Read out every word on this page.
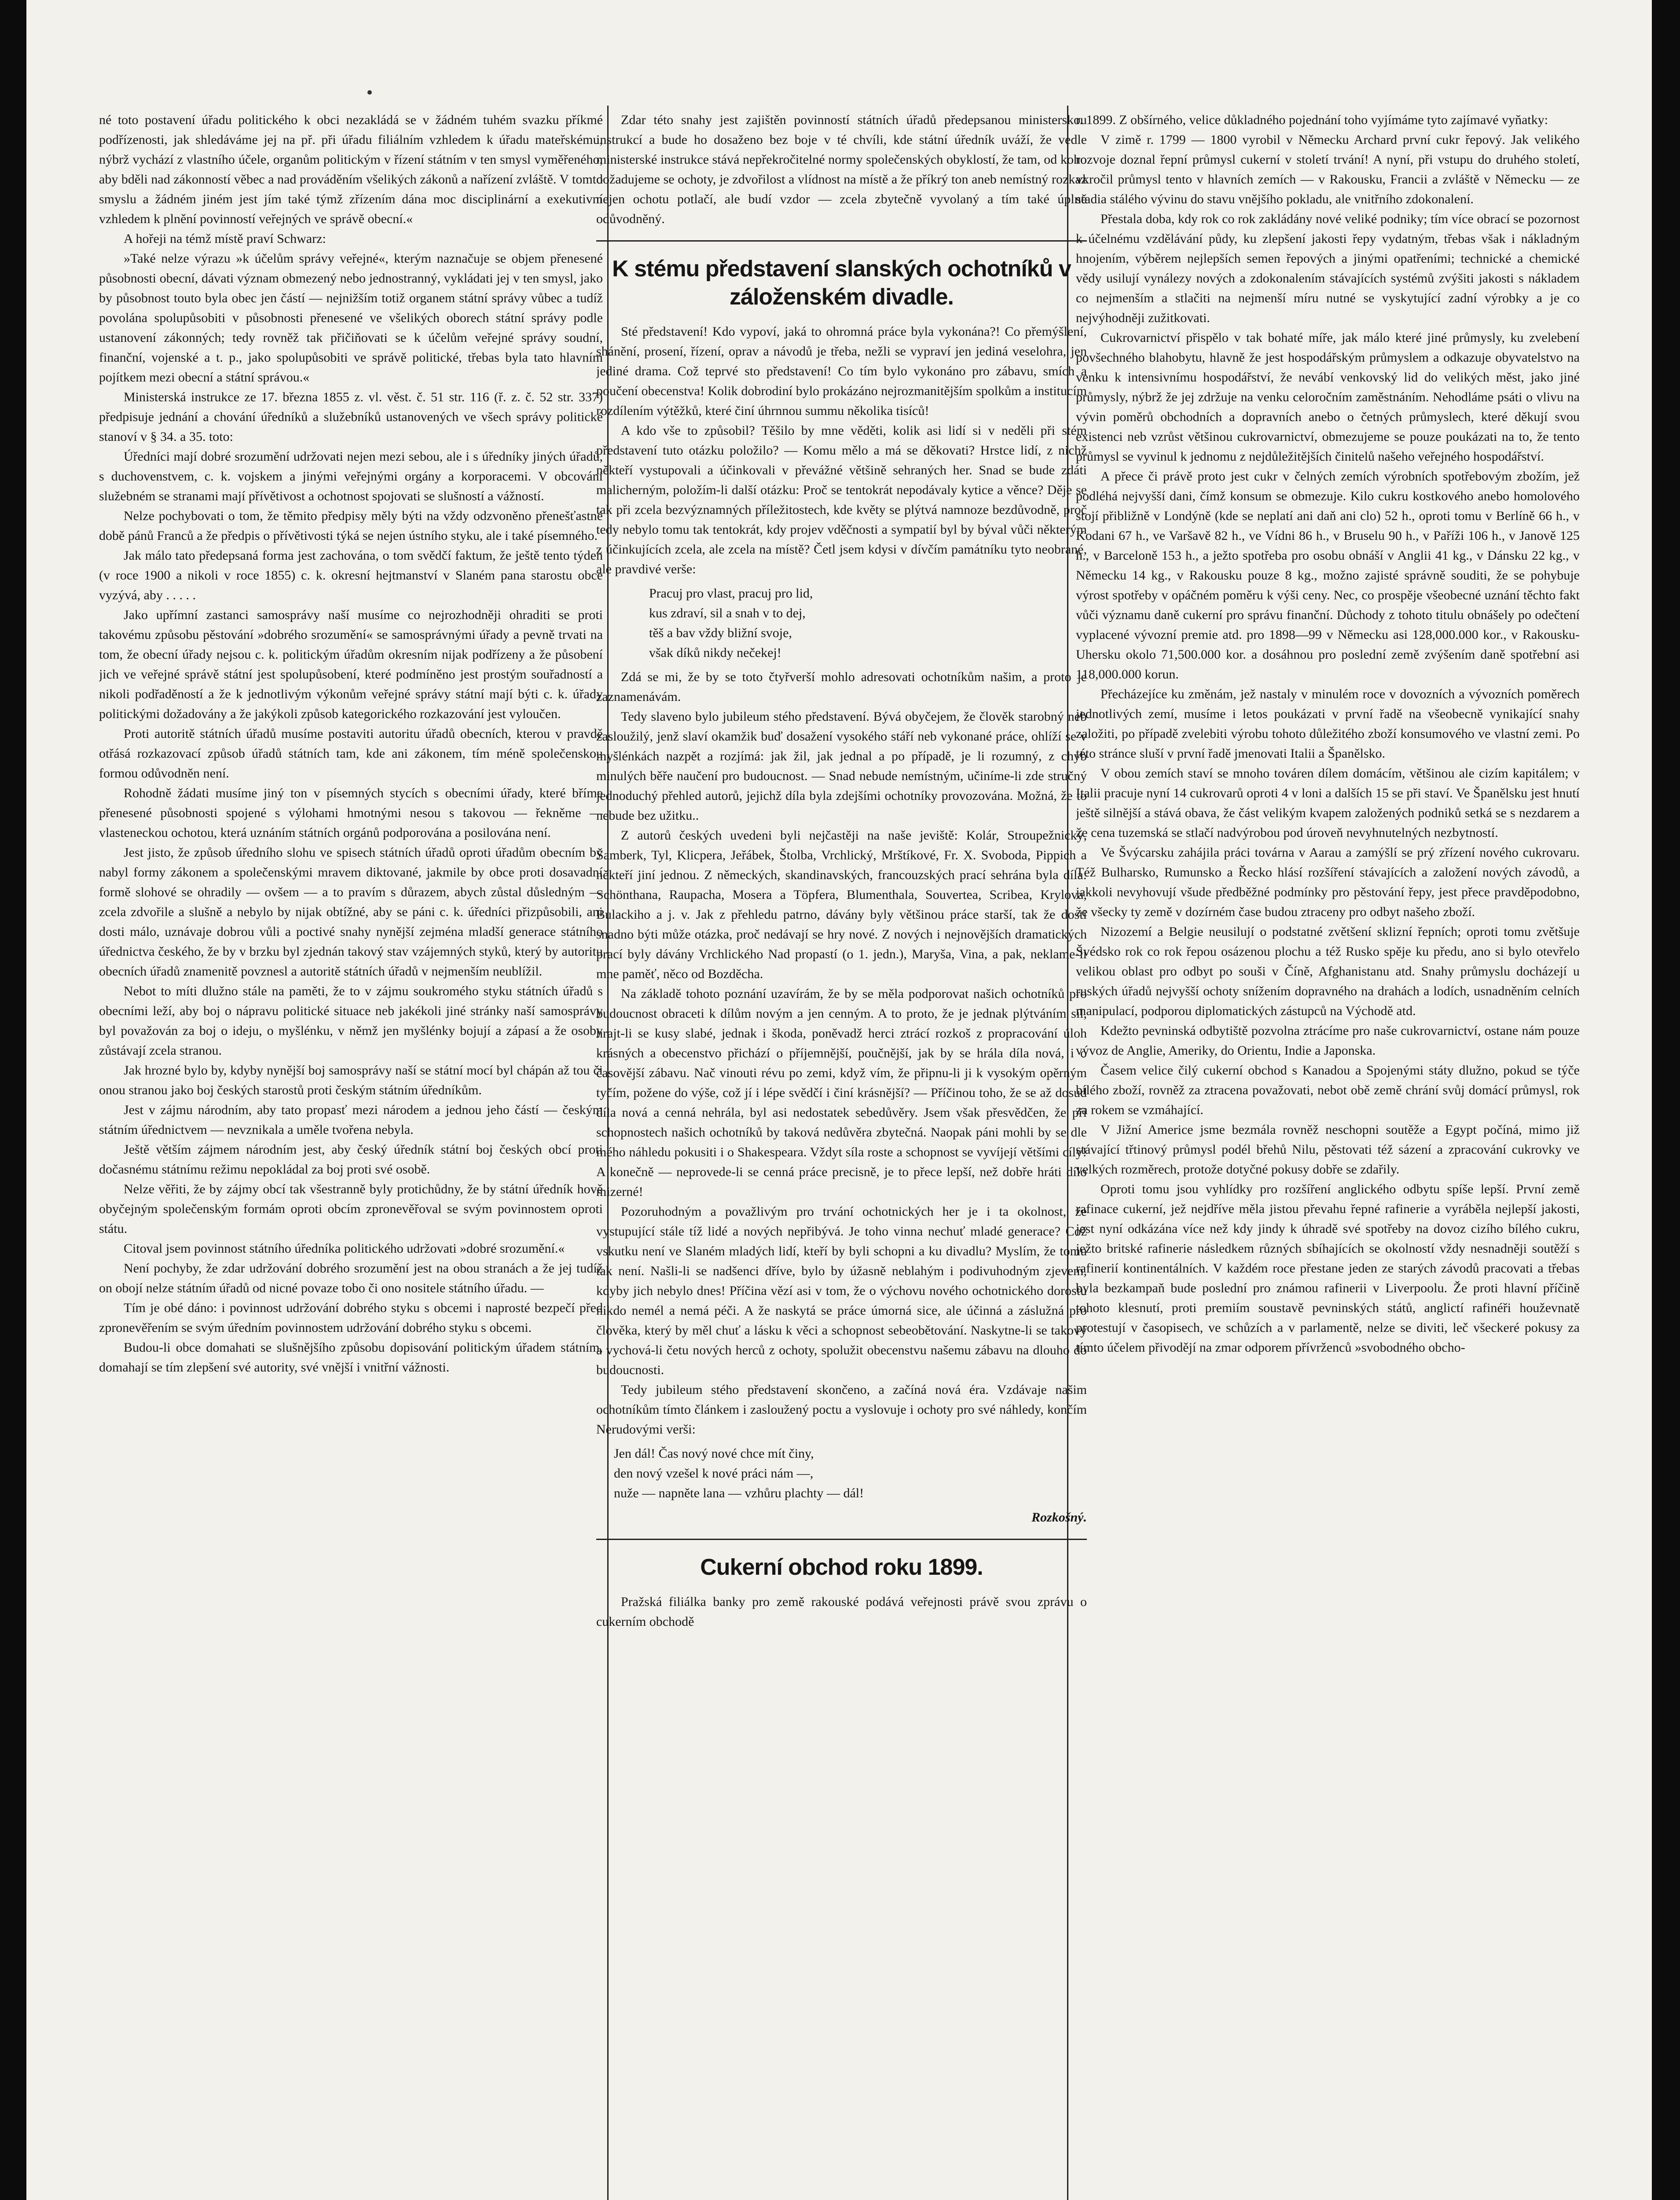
né toto postavení úřadu politického k obci nezakládá se v žádném tuhém svazku příkmé podřízenosti, jak shledáváme jej na př. při úřadu filiálním vzhledem k úřadu mateřskému, nýbrž vychází z vlastního účele, organům politickým v řízení státním v ten smysl vyměřeného, aby bděli nad zákonností věbec a nad prováděním všelikých zákonů a nařízení zvláště. V tomto smyslu a žádném jiném jest jím také týmž zřízením dána moc disciplinární a exekutivní vzhledem k plnění povinností veřejných ve správě obecní.«

A hořeji na témž místě praví Schwarz:

»Také nelze výrazu »k účelům správy veřejné«, kterým naznačuje se objem přenesené působnosti obecní, dávati význam obmezený nebo jednostranný, vykládati jej v ten smysl, jako by působnost touto byla obec jen částí — nejnižším totiž organem státní správy vůbec a tudíž povolána spolupůsobiti v působnosti přenesené ve všelikých oborech státní správy podle ustanovení zákonných; tedy rovněž tak přičiňovati se k účelům veřejné správy soudní, finanční, vojenské a t. p., jako spolupůsobiti ve správě politické, třebas byla tato hlavním pojítkem mezi obecní a státní správou.«

Ministerská instrukce ze 17. března 1855 z. vl. věst. č. 51 str. 116 (ř. z. č. 52 str. 337) předpisuje jednání a chování úředníků a služebníků ustanovených ve všech správy politické stanoví v § 34. a 35. toto:

Úředníci mají dobré srozumění udržovati nejen mezi sebou, ale i s úředníky jiných úřadů, s duchovenstvem, c. k. vojskem a jinými veřejnými orgány a korporacemi. V obcování služebném se stranami mají přívětivost a ochotnost spojovati se slušností a vážností.

Nelze pochybovati o tom, že těmito předpisy měly býti na vždy odzvoněno přenešťastné době pánů Franců a že předpis o přívětivosti týká se nejen ústního styku, ale i také písemného.

Jak málo tato předepsaná forma jest zachována, o tom svědčí faktum, že ještě tento týden (v roce 1900 a nikoli v roce 1855) c. k. okresní hejtmanství v Slaném pana starostu obce vyzývá, aby . . . . .

Jako upřímní zastanci samosprávy naší musíme co nejrozhodněji ohraditi se proti takovému způsobu pěstování »dobrého srozumění« se samosprávnými úřady a pevně trvati na tom, že obecní úřady nejsou c. k. politickým úřadům okresním nijak podřízeny a že působení jich ve veřejné správě státní jest spolupůsobení, které podmíněno jest prostým souřadností a nikoli podřaděností a že k jednotlivým výkonům veřejné správy státní mají býti c. k. úřady politickými dožadovány a že jakýkoli způsob kategorického rozkazování jest vyloučen.

Proti autoritě státních úřadů musíme postaviti autoritu úřadů obecních, kterou v pravdě otřásá rozkazovací způsob úřadů státních tam, kde ani zákonem, tím méně společenskou formou odůvodněn není.

Rohodně žádati musíme jiný ton v písemných stycích s obecními úřady, které bříme přenesené působnosti spojené s výlohami hmotnými nesou s takovou — řekněme — vlasteneckou ochotou, která uznáním státních orgánů podporována a posilována není.

Jest jisto, že způsob úředního slohu ve spisech státních úřadů oproti úřadům obecním by nabyl formy zákonem a společenskými mravem diktované, jakmile by obce proti dosavadní formě slohové se ohradily — ovšem — a to pravím s důrazem, abych zůstal důsledným — zcela zdvořile a slušně a nebylo by nijak obtížné, aby se páni c. k. úředníci přizpůsobili, ani dosti málo, uznávaje dobrou vůli a poctivé snahy nynější zejména mladší generace státního úřednictva českého, že by v brzku byl zjednán takový stav vzájemných styků, který by autoritu obecních úřadů znamenitě povznesl a autoritě státních úřadů v nejmenším neublížil.

Nebot to míti dlužno stále na paměti, že to v zájmu soukromého styku státních úřadů s obecními leží, aby boj o nápravu politické situace neb jakékoli jiné stránky naší samosprávy byl považován za boj o ideju, o myšlénku, v němž jen myšlénky bojují a zápasí a že osoby zůstávají zcela stranou.

Jak hrozné bylo by, kdyby nynější boj samosprávy naší se státní mocí byl chápán až tou či onou stranou jako boj českých starostů proti českým státním úředníkům.

Jest v zájmu národním, aby tato propasť mezi národem a jednou jeho částí — českým státním úřednictvem — nevznikala a uměle tvořena nebyla.

Ještě větším zájmem národním jest, aby český úředník státní boj českých obcí proti dočasnému státnímu režimu nepokládal za boj proti své osobě.

Nelze věřiti, že by zájmy obcí tak všestranně byly protichůdny, že by státní úředník hově obyčejným společenským formám oproti obcím zpronevěřoval se svým povinnostem oproti státu.

Citoval jsem povinnost státního úředníka politického udržovati »dobré srozumění.«

Není pochyby, že zdar udržování dobrého srozumění jest na obou stranách a že jej tudíž on obojí nelze státním úřadů od nicné povaze tobo či ono nositele státního úřadu. —

Tím je obé dáno: i povinnost udržování dobrého styku s obcemi i naprosté bezpečí před zpronevěřením se svým úředním povinnostem udržování dobrého styku s obcemi.

Budou-li obce domahati se slušnějšího způsobu dopisování politickým úřadem státním, domahají se tím zlepšení své autority, své vnější i vnitřní vážnosti.

Zdar této snahy jest zajištěn povinností státních úřadů předepsanou ministerskou instrukcí a bude ho dosaženo bez boje v té chvíli, kde státní úředník uváží, že vedle ministerské instrukce stává nepřekročitelné normy společenských obyklostí, že tam, od koho dožadujeme se ochoty, je zdvořilost a vlídnost na místě a že příkrý ton aneb nemístný rozkaz nejen ochotu potlačí, ale budí vzdor — zcela zbytečně vyvolaný a tím také úplně odůvodněný.

K stému představení slanských ochotníků v záloženském divadle.

Sté představení! Kdo vypoví, jaká to ohromná práce byla vykonána?! Co přemýšlení, shánění, prosení, řízení, oprav a návodů je třeba, nežli se vypraví jen jediná veselohra, jen jediné drama. Což teprvé sto představení! Co tím bylo vykonáno pro zábavu, smích a poučení obecenstva! Kolik dobrodiní bylo prokázáno nejrozmanitějším spolkům a institucím rozdílením výtěžků, které činí úhrnnou summu několika tisíců!

A kdo vše to způsobil? Těšilo by mne věděti, kolik asi lidí si v neděli při stém představení tuto otázku položilo? — Komu mělo a má se děkovati? Hrstce lidí, z nichž někteří vystupovali a účinkovali v převážné většině sehraných her. Snad se bude zdáti malicherným, položím-li další otázku: Proč se tentokrát nepodávaly kytice a věnce? Děje se tak při zcela bezvýznamných příležitostech, kde květy se plýtvá namnoze bezdůvodně, proč tedy nebylo tomu tak tentokrát, kdy projev vděčnosti a sympatií byl by býval vůči některým z účinkujících zcela, ale zcela na místě? Četl jsem kdysi v dívčím památníku tyto neobrané, ale pravdivé verše:

Pracuj pro vlast, pracuj pro lid,
kus zdraví, sil a snah v to dej,
těš a bav vždy bližní svoje,
však díků nikdy nečekej!

Zdá se mi, že by se toto čtyřverší mohlo adresovati ochotníkům našim, a proto je zaznamenávám.

Tedy slaveno bylo jubileum stého představení. Bývá obyčejem, že člověk starobný neb zasloužilý, jenž slaví okamžik buď dosažení vysokého stáří neb vykonané práce, ohlíží se v myšlénkách nazpět a rozjímá: jak žil, jak jednal a po případě, je li rozumný, z chyb minulých běře naučení pro budoucnost. — Snad nebude nemístným, učiníme-li zde stručný jednoduchý přehled autorů, jejichž díla byla zdejšími ochotníky provozována. Možná, že to nebude bez užitku..

Z autorů českých uvedeni byli nejčastěji na naše jeviště: Kolár, Stroupežnický, Šamberk, Tyl, Klicpera, Jeřábek, Štolba, Vrchlický, Mrštíkové, Fr. X. Svoboda, Pippich a někteří jiní jednou. Z německých, skandinavských, francouzských prací sehrána byla díla: Schönthana, Raupacha, Mosera a Töpfera, Blumenthala, Souvertea, Scribea, Krylova, Bulackiho a j. v. Jak z přehledu patrno, dávány byly většinou práce starší, tak že dosti snadno býti může otázka, proč nedávají se hry nové. Z nových i nejnovějších dramatických prací byly dávány Vrchlického Nad propastí (o 1. jedn.), Maryša, Vina, a pak, neklame-li mne paměť, něco od Bozděcha.

Na základě tohoto poznání uzavírám, že by se měla podporovat našich ochotníků pro budoucnost obraceti k dílům novým a jen cenným. A to proto, že je jednak plýtváním sil, hrajt-li se kusy slabé, jednak i škoda, poněvadž herci ztrácí rozkoš z propracování úloh krásných a obecenstvo přichází o příjemnější, poučnější, jak by se hrála díla nová, i o časovější zábavu. Nač vinouti révu po zemi, když vím, že připnu-li ji k vysokým opěrným tyčím, požene do výše, což jí i lépe svědčí i činí krásnější? — Příčinou toho, že se až dosud díla nová a cenná nehrála, byl asi nedostatek sebedůvěry. Jsem však přesvědčen, že při schopnostech našich ochotníků by taková nedůvěra zbytečná. Naopak páni mohli by se dle mého náhledu pokusiti i o Shakespeara. Vždyt síla roste a schopnost se vyvíjejí většími cíly! A konečně — neprovede-li se cenná práce precisně, je to přece lepší, než dobře hráti dílo mizerné!

Pozoruhodným a považlivým pro trvání ochotnických her je i ta okolnost, že vystupující stále tíž lidé a nových nepřibývá. Je toho vinna nechuť mladé generace? Což vskutku není ve Slaném mladých lidí, kteří by byli schopni a ku divadlu? Myslím, že tomu tak není. Našli-li se nadšenci dříve, bylo by úžasně neblahým i podivuhodným zjevem, kdyby jich nebylo dnes! Příčina vězí asi v tom, že o výchovu nového ochotnického dorostu nikdo nemél a nemá péči. A že naskytá se práce úmorná sice, ale účinná a záslužná pro člověka, který by měl chuť a lásku k věci a schopnost sebeobětování. Naskytne-li se takový a vychová-li četu nových herců z ochoty, spolužit obecenstvu našemu zábavu na dlouho do budoucnosti.

Tedy jubileum stého představení skončeno, a začíná nová éra. Vzdávaje našim ochotníkům tímto článkem i zasloužený poctu a vyslovuje i ochoty pro své náhledy, končím Nerudovými verši:

Jen dál! Čas nový nové chce mít činy,
den nový vzešel k nové práci nám —,
nuže — napněte lana — vzhůru plachty — dál!
Rozkošný.
Cukerní obchod roku 1899.

Pražská filiálka banky pro země rakouské podává veřejnosti právě svou zprávu o cukerním obchodě

r. 1899. Z obšírného, velice důkladného pojednání toho vyjímáme tyto zajímavé vyňatky:

V zimě r. 1799 — 1800 vyrobil v Německu Archard první cukr řepový. Jak velikého rozvoje doznal řepní průmysl cukerní v století trvání! A nyní, při vstupu do druhého století, vkročil průmysl tento v hlavních zemích — v Rakousku, Francii a zvláště v Německu — ze stadia stálého vývinu do stavu vnějšího pokladu, ale vnitřního zdokonalení.

Přestala doba, kdy rok co rok zakládány nové veliké podniky; tím více obrací se pozornost k účelnému vzdělávání půdy, ku zlepšení jakosti řepy vydatným, třebas však i nákladným hnojením, výběrem nejlepších semen řepových a jinými opatřeními; technické a chemické vědy usilují vynálezy nových a zdokonalením stávajících systémů zvýšiti jakosti s nákladem co nejmenším a stlačiti na nejmenší míru nutné se vyskytující zadní výrobky a je co nejvýhodněji zužitkovati.

Cukrovarnictví přispělo v tak bohaté míře, jak málo které jiné průmysly, ku zvelebení povšechného blahobytu, hlavně že jest hospodářským průmyslem a odkazuje obyvatelstvo na venku k intensivnímu hospodářství, že nevábí venkovský lid do velikých měst, jako jiné průmysly, nýbrž že jej zdržuje na venku celoročním zaměstnáním. Nehodláme psáti o vlivu na vývin poměrů obchodních a dopravních anebo o četných průmyslech, které děkují svou existenci neb vzrůst většinou cukrovarnictví, obmezujeme se pouze poukázati na to, že tento průmysl se vyvinul k jednomu z nejdůležitějších činitelů našeho veřejného hospodářství.

A přece či právě proto jest cukr v čelných zemích výrobních spotřebovým zbožím, jež podléhá nejvyšší dani, čímž konsum se obmezuje. Kilo cukru kostkového anebo homolového stojí přibližně v Londýně (kde se neplatí ani daň ani clo) 52 h., oproti tomu v Berlíně 66 h., v Kodani 67 h., ve Varšavě 82 h., ve Vídni 86 h., v Bruselu 90 h., v Paříži 106 h., v Janově 125 h., v Barceloně 153 h., a ježto spotřeba pro osobu obnáší v Anglii 41 kg., v Dánsku 22 kg., v Německu 14 kg., v Rakousku pouze 8 kg., možno zajisté správně souditi, že se pohybuje výrost spotřeby v opáčném poměru k výši ceny. Nec, co prospěje všeobecné uznání těchto fakt vůči významu daně cukerní pro správu finanční. Důchody z tohoto titulu obnášely po odečtení vyplacené vývozní premie atd. pro 1898—99 v Německu asi 128,000.000 kor., v Rakousku-Uhersku okolo 71,500.000 kor. a dosáhnou pro poslední země zvýšením daně spotřební asi 118,000.000 korun.

Přecházejíce ku změnám, jež nastaly v minulém roce v dovozních a vývozních poměrech jednotlivých zemí, musíme i letos poukázati v první řadě na všeobecně vynikající snahy založiti, po případě zvelebiti výrobu tohoto důležitého zboží konsumového ve vlastní zemi. Po této stránce sluší v první řadě jmenovati Italii a Španělsko.

V obou zemích staví se mnoho továren dílem domácím, většinou ale cizím kapitálem; v Italii pracuje nyní 14 cukrovarů oproti 4 v loni a dalších 15 se při staví. Ve Španělsku jest hnutí ještě silnější a stává obava, že část velikým kvapem založených podniků setká se s nezdarem a že cena tuzemská se stlačí nadvýrobou pod úroveň nevyhnutelných nezbytností.

Ve Švýcarsku zahájila práci továrna v Aarau a zamýšlí se prý zřízení nového cukrovaru. Též Bulharsko, Rumunsko a Řecko hlásí rozšíření stávajících a založení nových závodů, a jakkoli nevyhovují všude předběžné podmínky pro pěstování řepy, jest přece pravděpodobno, že všecky ty země v dozírném čase budou ztraceny pro odbyt našeho zboží.

Nizozemí a Belgie neusilují o podstatné zvětšení sklizní řepních; oproti tomu zvětšuje Švédsko rok co rok řepou osázenou plochu a též Rusko spěje ku předu, ano si bylo otevřelo velikou oblast pro odbyt po souši v Číně, Afghanistanu atd. Snahy průmyslu docházejí u ruských úřadů nejvyšší ochoty snížením dopravného na drahách a lodích, usnadněním celních manipulací, podporou diplomatických zástupců na Východě atd.

Kdežto pevninská odbytiště pozvolna ztrácíme pro naše cukrovarnictví, ostane nám pouze vývoz de Anglie, Ameriky, do Orientu, Indie a Japonska.

Časem velice čilý cukerní obchod s Kanadou a Spojenými státy dlužno, pokud se týče bílého zboží, rovněž za ztracena považovati, nebot obě země chrání svůj domácí průmysl, rok za rokem se vzmáhající.

V Jižní Americe jsme bezmála rovněž neschopni soutěže a Egypt počíná, mimo již stávající třtinový průmysl podél břehů Nilu, pěstovati též sázení a zpracování cukrovky ve velkých rozměrech, protože dotyčné pokusy dobře se zdařily.

Oproti tomu jsou vyhlídky pro rozšíření anglického odbytu spíše lepší. První země rafinace cukerní, jež nejdříve měla jistou převahu řepné rafinerie a vyráběla nejlepší jakosti, jest nyní odkázána více než kdy jindy k úhradě své spotřeby na dovoz cizího bílého cukru, ježto britské rafinerie následkem různých sbíhajících se okolností vždy nesnadněji soutěží s rafinerií kontinentálních. V každém roce přestane jeden ze starých závodů pracovati a třebas byla bezkampaň bude poslední pro známou rafinerii v Liverpoolu. Že proti hlavní příčině tohoto klesnutí, proti premiím soustavě pevninských států, anglictí rafinéři houževnatě protestují v časopisech, ve schůzích a v parlamentě, nelze se diviti, leč všeckeré pokusy za tímto účelem přivodějí na zmar odporem přívrženců »svobodného obcho-
